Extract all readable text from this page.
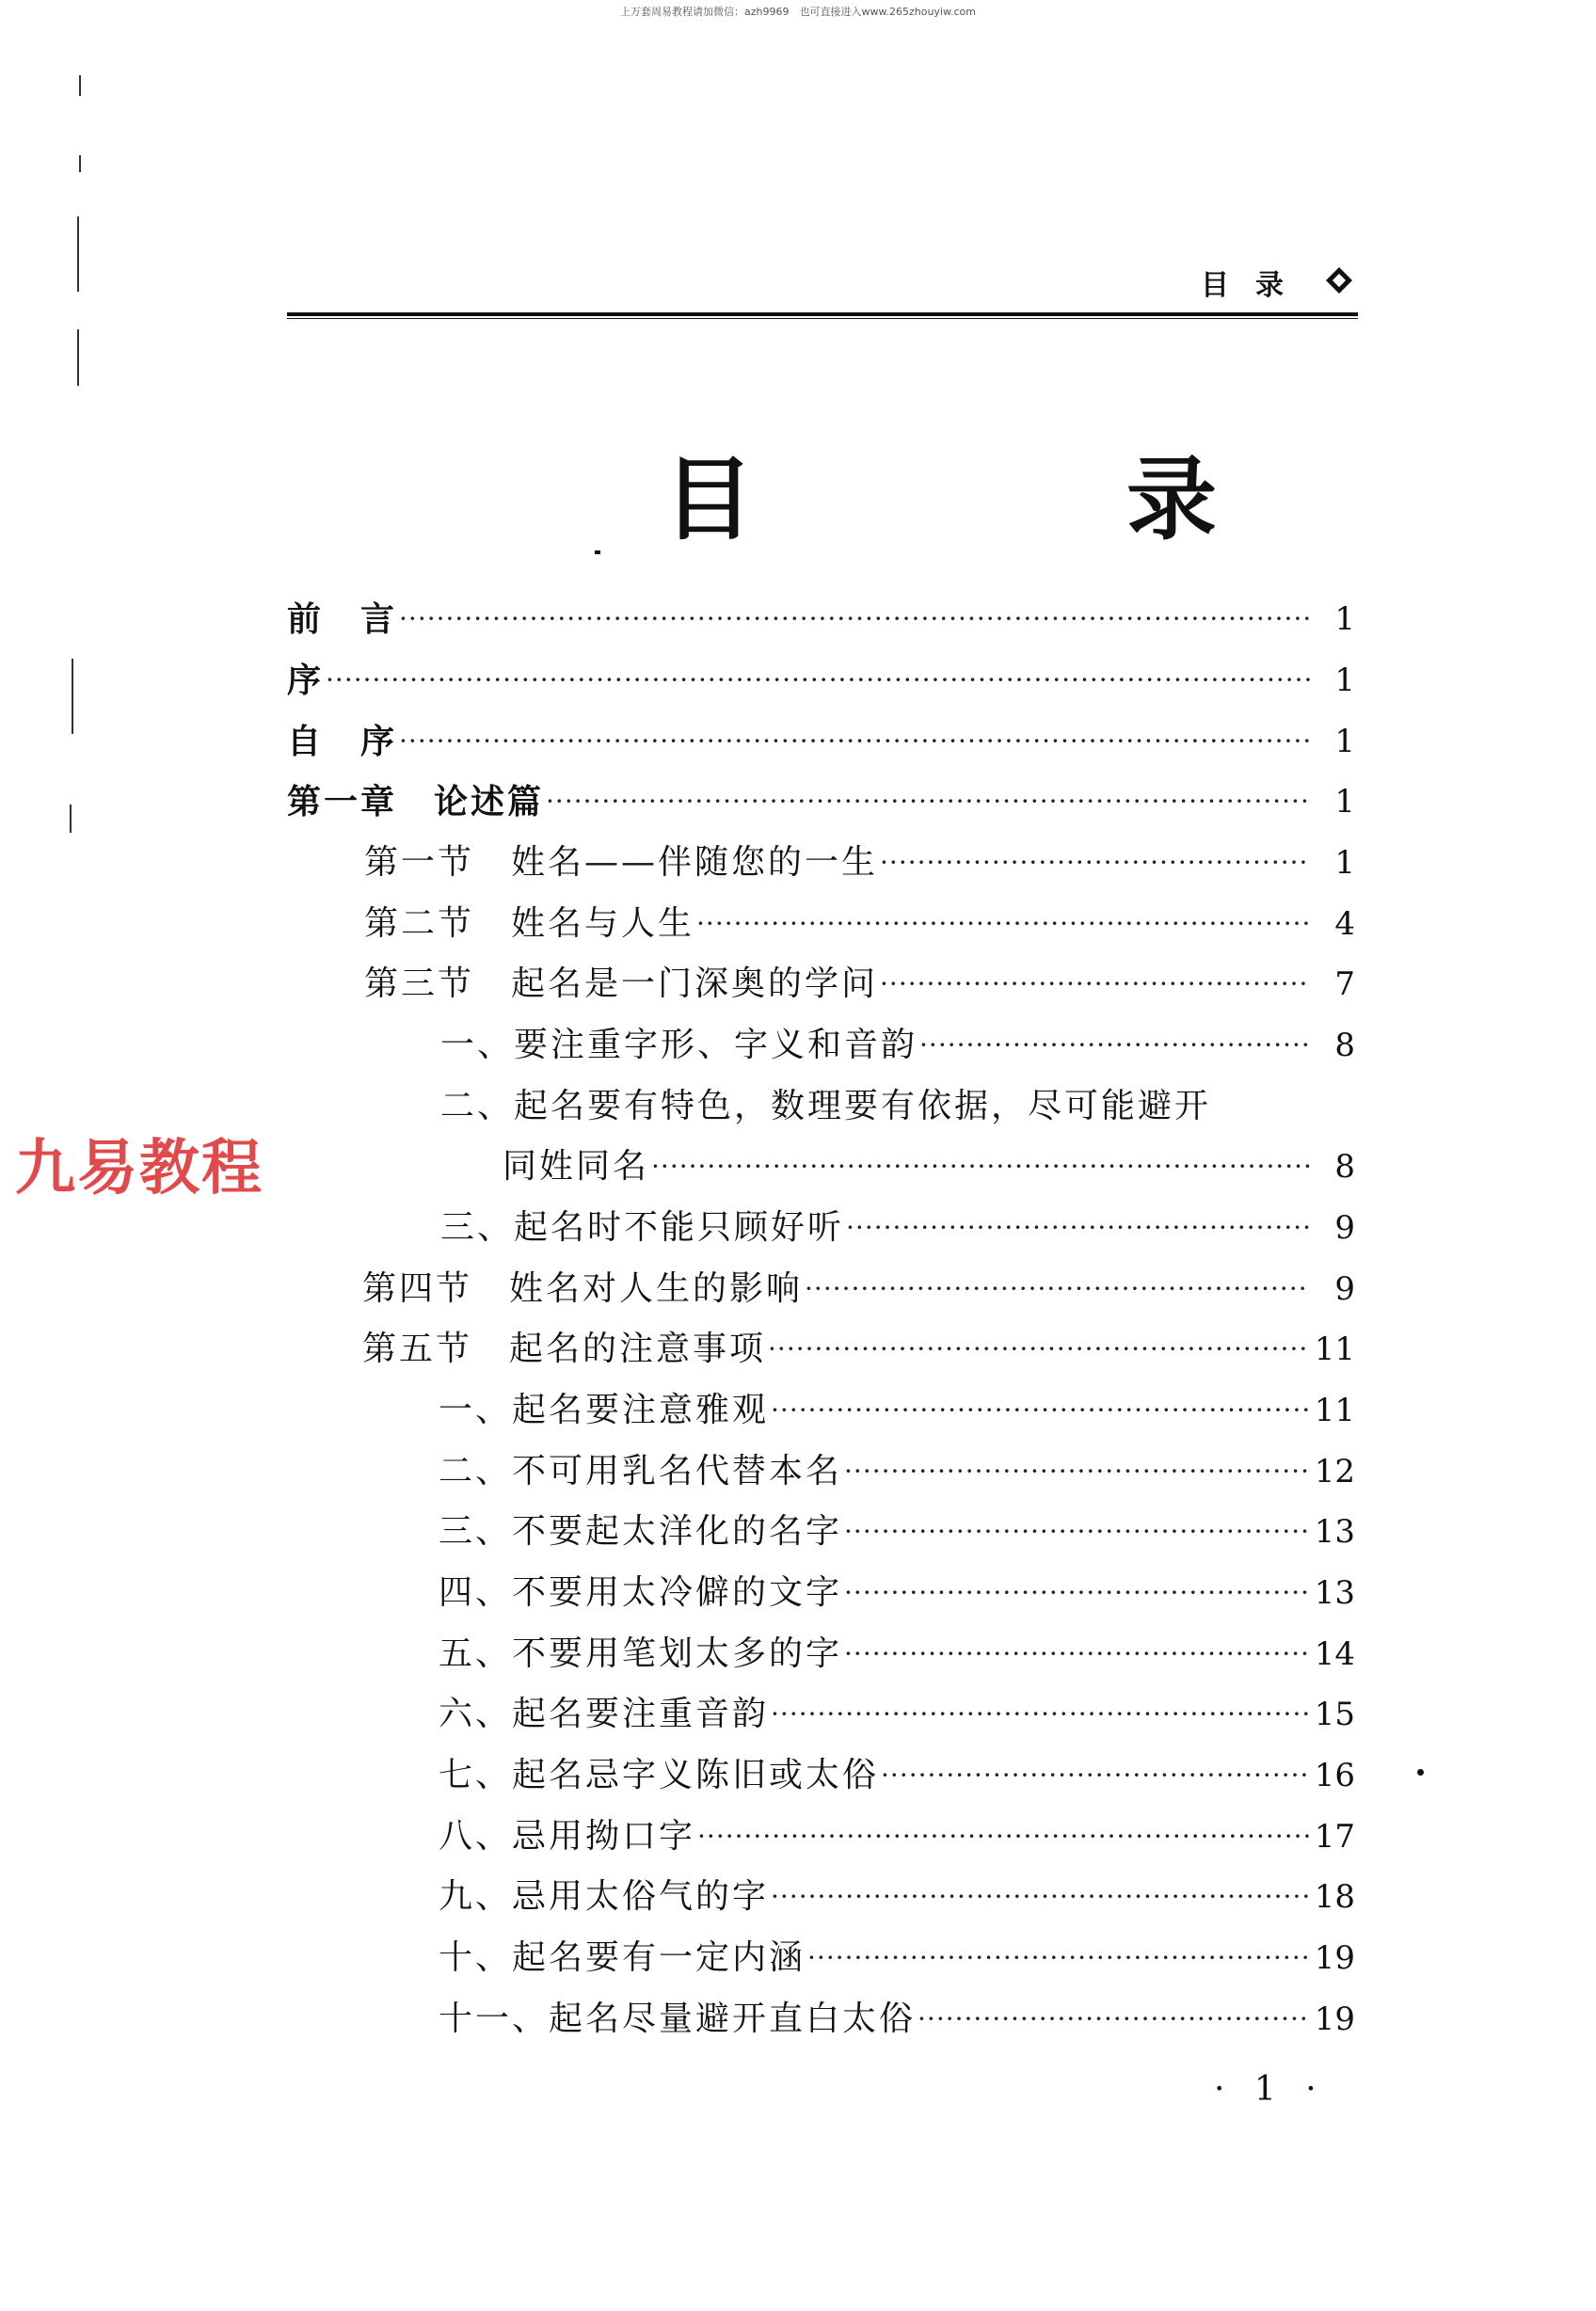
上万套周易教程请加微信：azh9969　也可直接进入www.265zhouyiw.com
目录
目　录
九易教程
前　言 ·····	1
序 ·····	1
自　序 ·····	1
第一章　论述篇 ·····	1
第一节　姓名——伴随您的一生 ·····	1
第二节　姓名与人生 ·····	4
第三节　起名是一门深奥的学问 ·····	7
一、要注重字形、字义和音韵 ·····	8
二、起名要有特色，数理要有依据，尽可能避开
同姓同名 ·····	8
三、起名时不能只顾好听 ·····	9
第四节　姓名对人生的影响 ·····	9
第五节　起名的注意事项 ·····	11
一、起名要注意雅观 ·····	11
二、不可用乳名代替本名 ·····	12
三、不要起太洋化的名字 ·····	13
四、不要用太冷僻的文字 ·····	13
五、不要用笔划太多的字 ·····	14
六、起名要注重音韵 ·····	15
七、起名忌字义陈旧或太俗 ·····	16
八、忌用拗口字 ·····	17
九、忌用太俗气的字 ·····	18
十、起名要有一定内涵 ·····	19
十一、起名尽量避开直白太俗 ·····	19
· 1 ·
